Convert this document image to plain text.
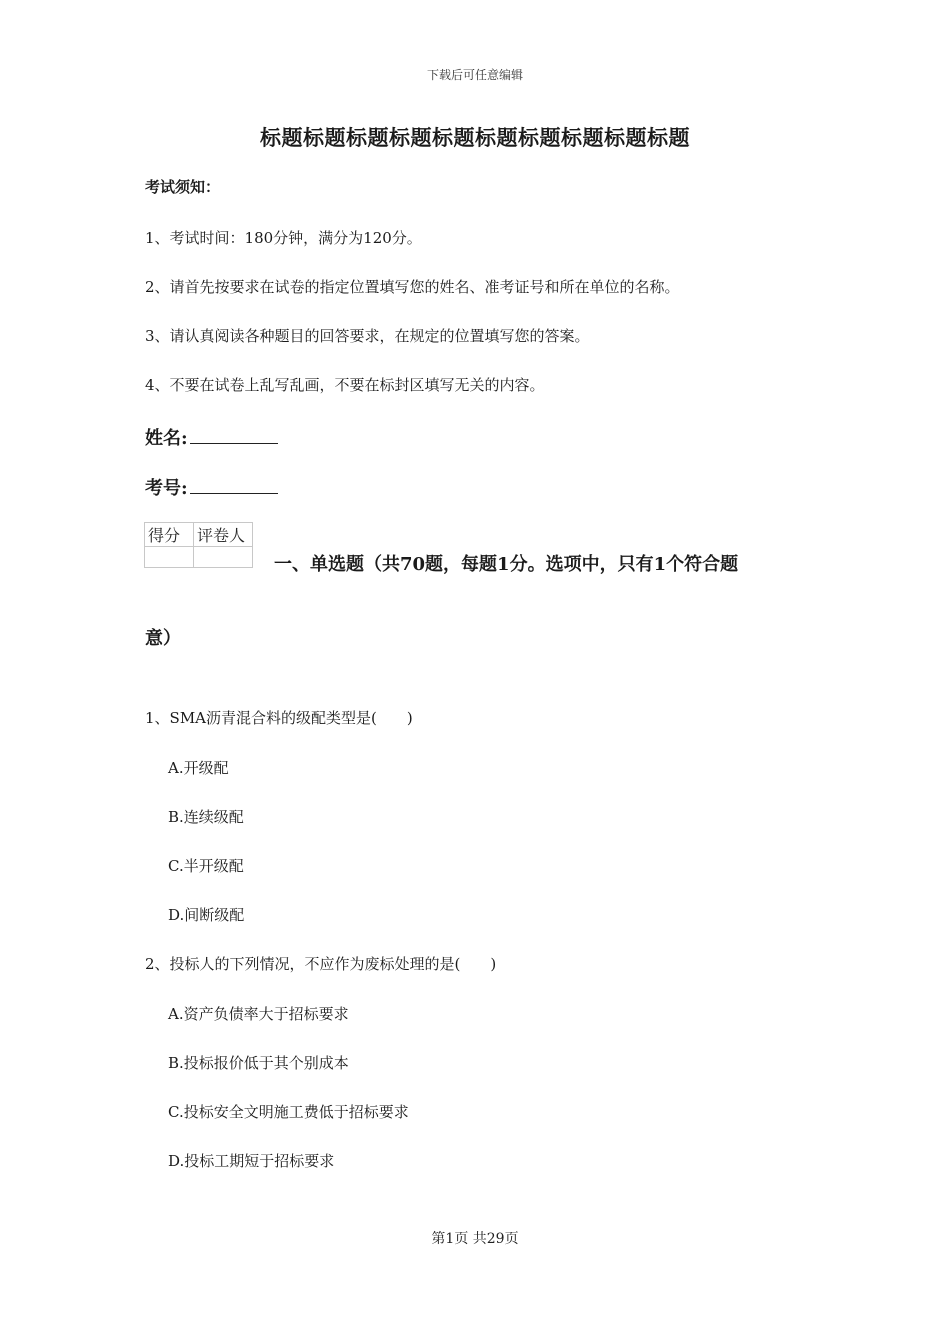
下载后可任意编辑
标题标题标题标题标题标题标题标题标题标题
考试须知：
1、考试时间：180分钟，满分为120分。
2、请首先按要求在试卷的指定位置填写您的姓名、准考证号和所在单位的名称。
3、请认真阅读各种题目的回答要求，在规定的位置填写您的答案。
4、不要在试卷上乱写乱画，不要在标封区填写无关的内容。
姓名:
考号:
得分	评卷人

一、单选题（共70题，每题1分。选项中，只有1个符合题
意）
1、SMA沥青混合料的级配类型是(　　)
A.开级配
B.连续级配
C.半开级配
D.间断级配
2、投标人的下列情况，不应作为废标处理的是(　　)
A.资产负债率大于招标要求
B.投标报价低于其个别成本
C.投标安全文明施工费低于招标要求
D.投标工期短于招标要求
第1页 共29页
